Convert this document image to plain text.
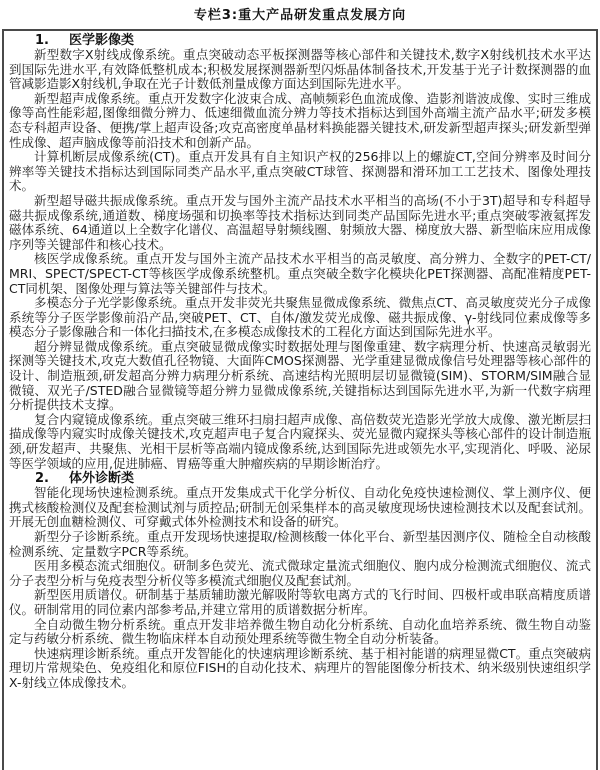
专栏3:重大产品研发重点发展方向
1. 医学影像类

新型数字X射线成像系统。重点突破动态平板探测器等核心部件和关键技术,数字X射线机技术水平达到国际先进水平,有效降低整机成本;积极发展探测器新型闪烁晶体制备技术,开发基于光子计数探测器的血管减影造影X射线机,争取在光子计数低剂量成像方面达到国际先进水平。

新型超声成像系统。重点开发数字化波束合成、高帧频彩色血流成像、造影剂谐波成像、实时三维成像等高性能彩超,图像细微分辨力、低速细微血流分辨力等技术指标达到国外高端主流产品水平;研发多模态专科超声设备、便携/掌上超声设备;攻克高密度单晶材料换能器关键技术,研发新型超声探头;研发新型弹性成像、超声脑成像等前沿技术和创新产品。

计算机断层成像系统(CT)。重点开发具有自主知识产权的256排以上的螺旋CT,空间分辨率及时间分辨率等关键技术指标达到国际同类产品水平,重点突破CT球管、探测器和滑环加工工艺技术、图像处理技术。

新型超导磁共振成像系统。重点开发与国外主流产品技术水平相当的高场(不小于3T)超导和专科超导磁共振成像系统,通道数、梯度场强和切换率等技术指标达到同类产品国际先进水平;重点突破零液氦挥发磁体系统、64通道以上全数字化谱仪、高温超导射频线圈、射频放大器、梯度放大器、新型临床应用成像序列等关键部件和核心技术。

核医学成像系统。重点开发与国外主流产品技术水平相当的高灵敏度、高分辨力、全数字的PET-CT/MRI、SPECT/SPECT-CT等核医学成像系统整机。重点突破全数字化模块化PET探测器、高配准精度PET-CT同机架、图像处理与算法等关键部件与技术。

多模态分子光学影像系统。重点开发非荧光共聚焦显微成像系统、微焦点CT、高灵敏度荧光分子成像系统等分子医学影像前沿产品,突破PET、CT、自体/激发荧光成像、磁共振成像、γ-射线同位素成像等多模态分子影像融合和一体化扫描技术,在多模态成像技术的工程化方面达到国际先进水平。

超分辨显微成像系统。重点突破显微成像实时数据处理与图像重建、数字病理分析、快速高灵敏弱光探测等关键技术,攻克大数值孔径物镜、大面阵CMOS探测器、光学重建显微成像信号处理器等核心部件的设计、制造瓶颈,研发超高分辨力病理分析系统、高速结构光照明层切显微镜(SIM)、STORM/SIM融合显微镜、双光子/STED融合显微镜等超分辨力显微成像系统,关键指标达到国际先进水平,为新一代数字病理分析提供技术支撑。

复合内窥镜成像系统。重点突破三维环扫扇扫超声成像、高倍数荧光造影光学放大成像、激光断层扫描成像等内窥实时成像关键技术,攻克超声电子复合内窥探头、荧光显微内窥探头等核心部件的设计制造瓶颈,研发超声、共聚焦、光相干层析等高端内镜成像系统,达到国际先进或领先水平,实现消化、呼吸、泌尿等医学领域的应用,促进肺癌、胃癌等重大肿瘤疾病的早期诊断治疗。

2. 体外诊断类

智能化现场快速检测系统。重点开发集成式干化学分析仪、自动化免疫快速检测仪、掌上测序仪、便携式核酸检测仪及配套检测试剂与质控品;研制无创采集样本的高灵敏度现场快速检测技术以及配套试剂。开展无创血糖检测仪、可穿戴式体外检测技术和设备的研究。

新型分子诊断系统。重点开发现场快速提取/检测核酸一体化平台、新型基因测序仪、随检全自动核酸检测系统、定量数字PCR等系统。

医用多模态流式细胞仪。研制多色荧光、流式微球定量流式细胞仪、胞内成分检测流式细胞仪、流式分子表型分析与免疫表型分析仪等多模流式细胞仪及配套试剂。

新型医用质谱仪。研制基于基质辅助激光解吸附等软电离方式的飞行时间、四极杆或串联高精度质谱仪。研制常用的同位素内部参考品,并建立常用的质谱数据分析库。

全自动微生物分析系统。重点开发非培养微生物自动化分析系统、自动化血培养系统、微生物自动鉴定与药敏分析系统、微生物临床样本自动预处理系统等微生物全自动分析装备。

快速病理诊断系统。重点开发智能化的快速病理诊断系统、基于相衬能谱的病理显微CT。重点突破病理切片常规染色、免疫组化和原位FISH的自动化技术、病理片的智能图像分析技术、纳米级别快速组织学X-射线立体成像技术。
